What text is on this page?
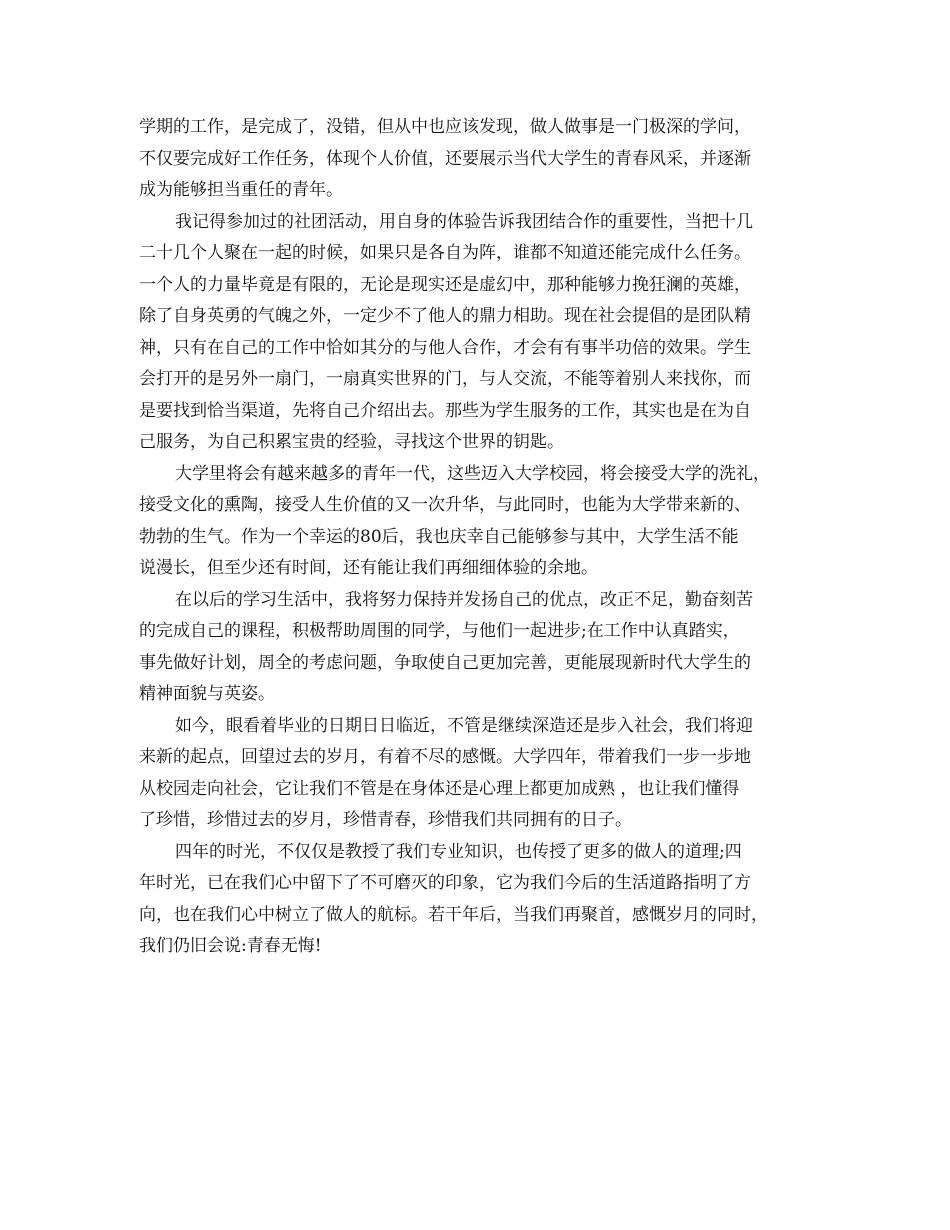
学期的工作，是完成了，没错，但从中也应该发现，做人做事是一门极深的学问，
不仅要完成好工作任务，体现个人价值，还要展示当代大学生的青春风采，并逐渐
成为能够担当重任的青年。
我记得参加过的社团活动，用自身的体验告诉我团结合作的重要性，当把十几
二十几个人聚在一起的时候，如果只是各自为阵，谁都不知道还能完成什么任务。
一个人的力量毕竟是有限的，无论是现实还是虚幻中，那种能够力挽狂澜的英雄，
除了自身英勇的气魄之外，一定少不了他人的鼎力相助。现在社会提倡的是团队精
神，只有在自己的工作中恰如其分的与他人合作，才会有有事半功倍的效果。学生
会打开的是另外一扇门，一扇真实世界的门，与人交流，不能等着别人来找你，而
是要找到恰当渠道，先将自己介绍出去。那些为学生服务的工作，其实也是在为自
己服务，为自己积累宝贵的经验，寻找这个世界的钥匙。
大学里将会有越来越多的青年一代，这些迈入大学校园，将会接受大学的洗礼，
接受文化的熏陶，接受人生价值的又一次升华，与此同时，也能为大学带来新的、
勃勃的生气。作为一个幸运的80后，我也庆幸自己能够参与其中，大学生活不能
说漫长，但至少还有时间，还有能让我们再细细体验的余地。
在以后的学习生活中，我将努力保持并发扬自己的优点，改正不足，勤奋刻苦
的完成自己的课程，积极帮助周围的同学，与他们一起进步;在工作中认真踏实，
事先做好计划，周全的考虑问题，争取使自己更加完善，更能展现新时代大学生的
精神面貌与英姿。
如今，眼看着毕业的日期日日临近，不管是继续深造还是步入社会，我们将迎
来新的起点，回望过去的岁月，有着不尽的感慨。大学四年，带着我们一步一步地
从校园走向社会，它让我们不管是在身体还是心理上都更加成熟 ，也让我们懂得
了珍惜，珍惜过去的岁月，珍惜青春，珍惜我们共同拥有的日子。
四年的时光，不仅仅是教授了我们专业知识，也传授了更多的做人的道理;四
年时光，已在我们心中留下了不可磨灭的印象，它为我们今后的生活道路指明了方
向，也在我们心中树立了做人的航标。若干年后，当我们再聚首，感慨岁月的同时，
我们仍旧会说:青春无悔!
